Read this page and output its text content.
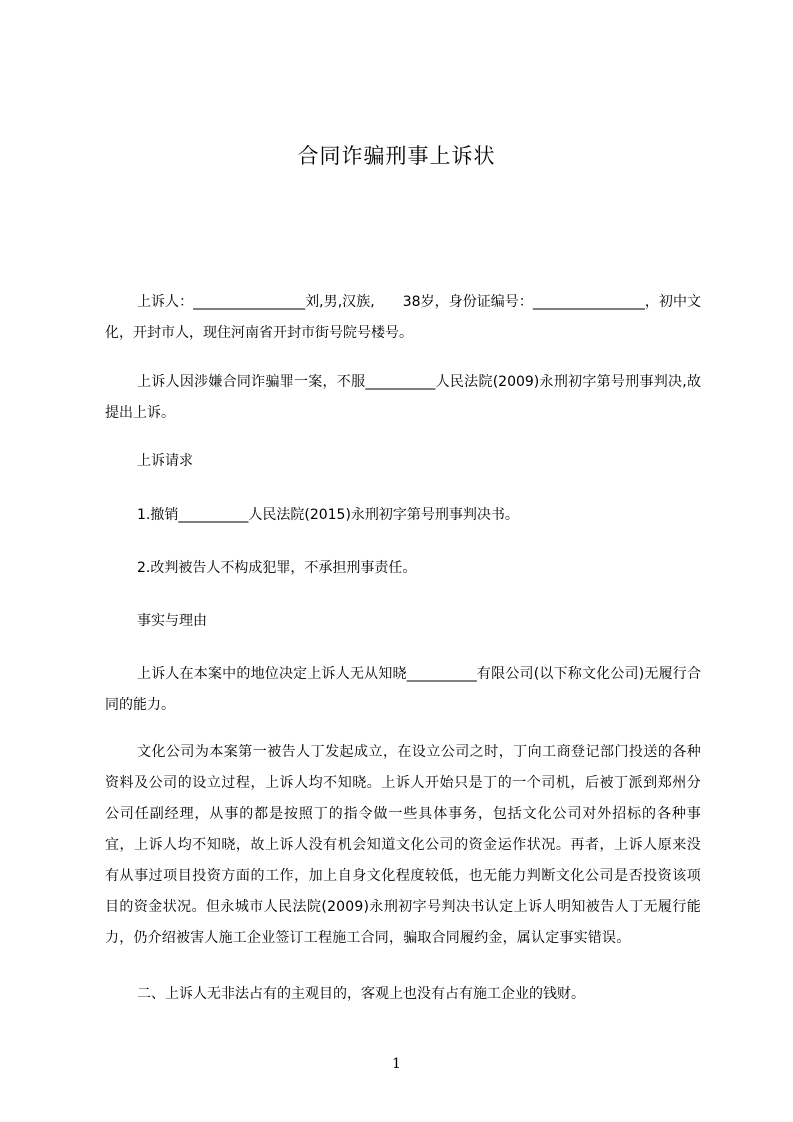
合同诈骗刑事上诉状
上诉人：________________刘,男,汉族,　　38岁，身份证编号：________________，初中文化，开封市人，现住河南省开封市街号院号楼号。
上诉人因涉嫌合同诈骗罪一案，不服__________人民法院(2009)永刑初字第号刑事判决,故提出上诉。
上诉请求
1.撤销__________人民法院(2015)永刑初字第号刑事判决书。
2.改判被告人不构成犯罪，不承担刑事责任。
事实与理由
上诉人在本案中的地位决定上诉人无从知晓__________有限公司(以下称文化公司)无履行合同的能力。
文化公司为本案第一被告人丁发起成立，在设立公司之时，丁向工商登记部门投送的各种资料及公司的设立过程，上诉人均不知晓。上诉人开始只是丁的一个司机，后被丁派到郑州分公司任副经理，从事的都是按照丁的指令做一些具体事务，包括文化公司对外招标的各种事宜，上诉人均不知晓，故上诉人没有机会知道文化公司的资金运作状况。再者，上诉人原来没有从事过项目投资方面的工作，加上自身文化程度较低，也无能力判断文化公司是否投资该项目的资金状况。但永城市人民法院(2009)永刑初字号判决书认定上诉人明知被告人丁无履行能力，仍介绍被害人施工企业签订工程施工合同，骗取合同履约金，属认定事实错误。
二、上诉人无非法占有的主观目的，客观上也没有占有施工企业的钱财。
1
